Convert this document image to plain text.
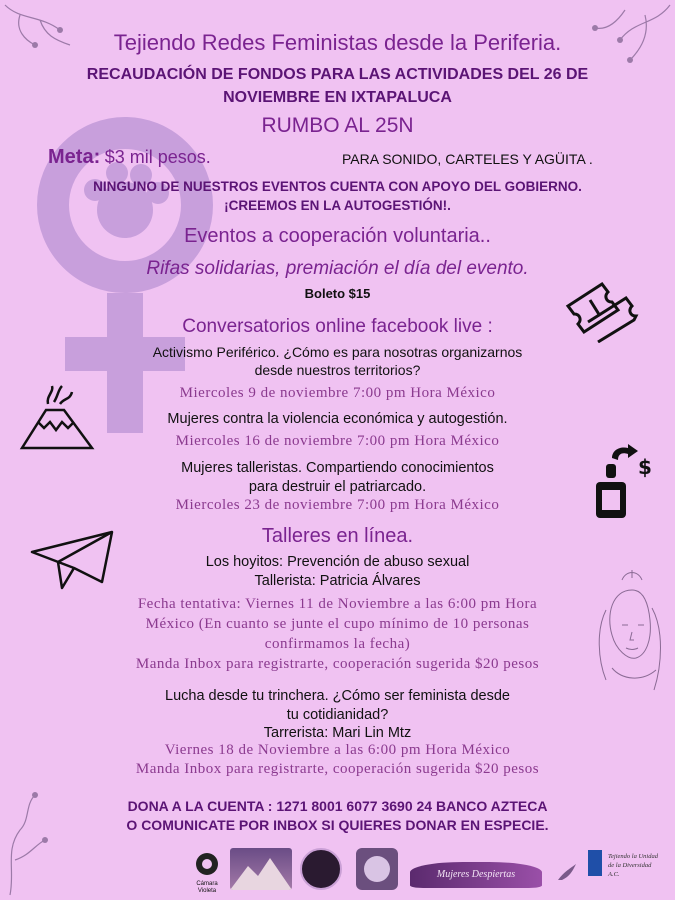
Tejiendo Redes Feministas desde la Periferia.
RECAUDACIÓN DE FONDOS PARA LAS ACTIVIDADES DEL 26 DE
NOVIEMBRE EN IXTAPALUCA
RUMBO AL 25N
Meta: $3 mil pesos.	PARA SONIDO, CARTELES Y AGÜITA .
NINGUNO DE NUESTROS EVENTOS CUENTA CON APOYO DEL GOBIERNO.
¡CREEMOS EN LA AUTOGESTIÓN!.
Eventos a cooperación voluntaria..
Rifas solidarias, premiación el día del evento.
Boleto $15
Conversatorios online facebook live :
Activismo Periférico. ¿Cómo es para nosotras organizarnos
desde nuestros territorios?
Miercoles 9 de noviembre 7:00 pm Hora México
Mujeres contra la violencia económica y autogestión.
Miercoles 16 de noviembre 7:00 pm Hora México
Mujeres talleristas. Compartiendo conocimientos
para destruir el patriarcado.
Miercoles 23 de noviembre 7:00 pm Hora México
$
Talleres en línea.
Los hoyitos: Prevención de abuso sexual
Tallerista: Patricia Álvares
Fecha tentativa: Viernes 11 de Noviembre a las 6:00 pm Hora
México (En cuanto se junte el cupo mínimo de 10 personas
confirmamos la fecha)
Manda Inbox para registrarte, cooperación sugerida $20 pesos
Lucha desde tu trinchera. ¿Cómo ser feminista desde
tu cotidianidad?
Tarrerista: Mari Lin Mtz
Viernes 18 de Noviembre a las 6:00 pm Hora México
Manda Inbox para registrarte, cooperación sugerida $20 pesos
DONA A LA CUENTA : 1271 8001 6077 3690 24 BANCO AZTECA
O COMUNICATE POR INBOX SI QUIERES DONAR EN ESPECIE.
Cámara
Violeta
Mujeres Despiertas
Tejiendo la Unidad
de la Diversidad
A.C.
